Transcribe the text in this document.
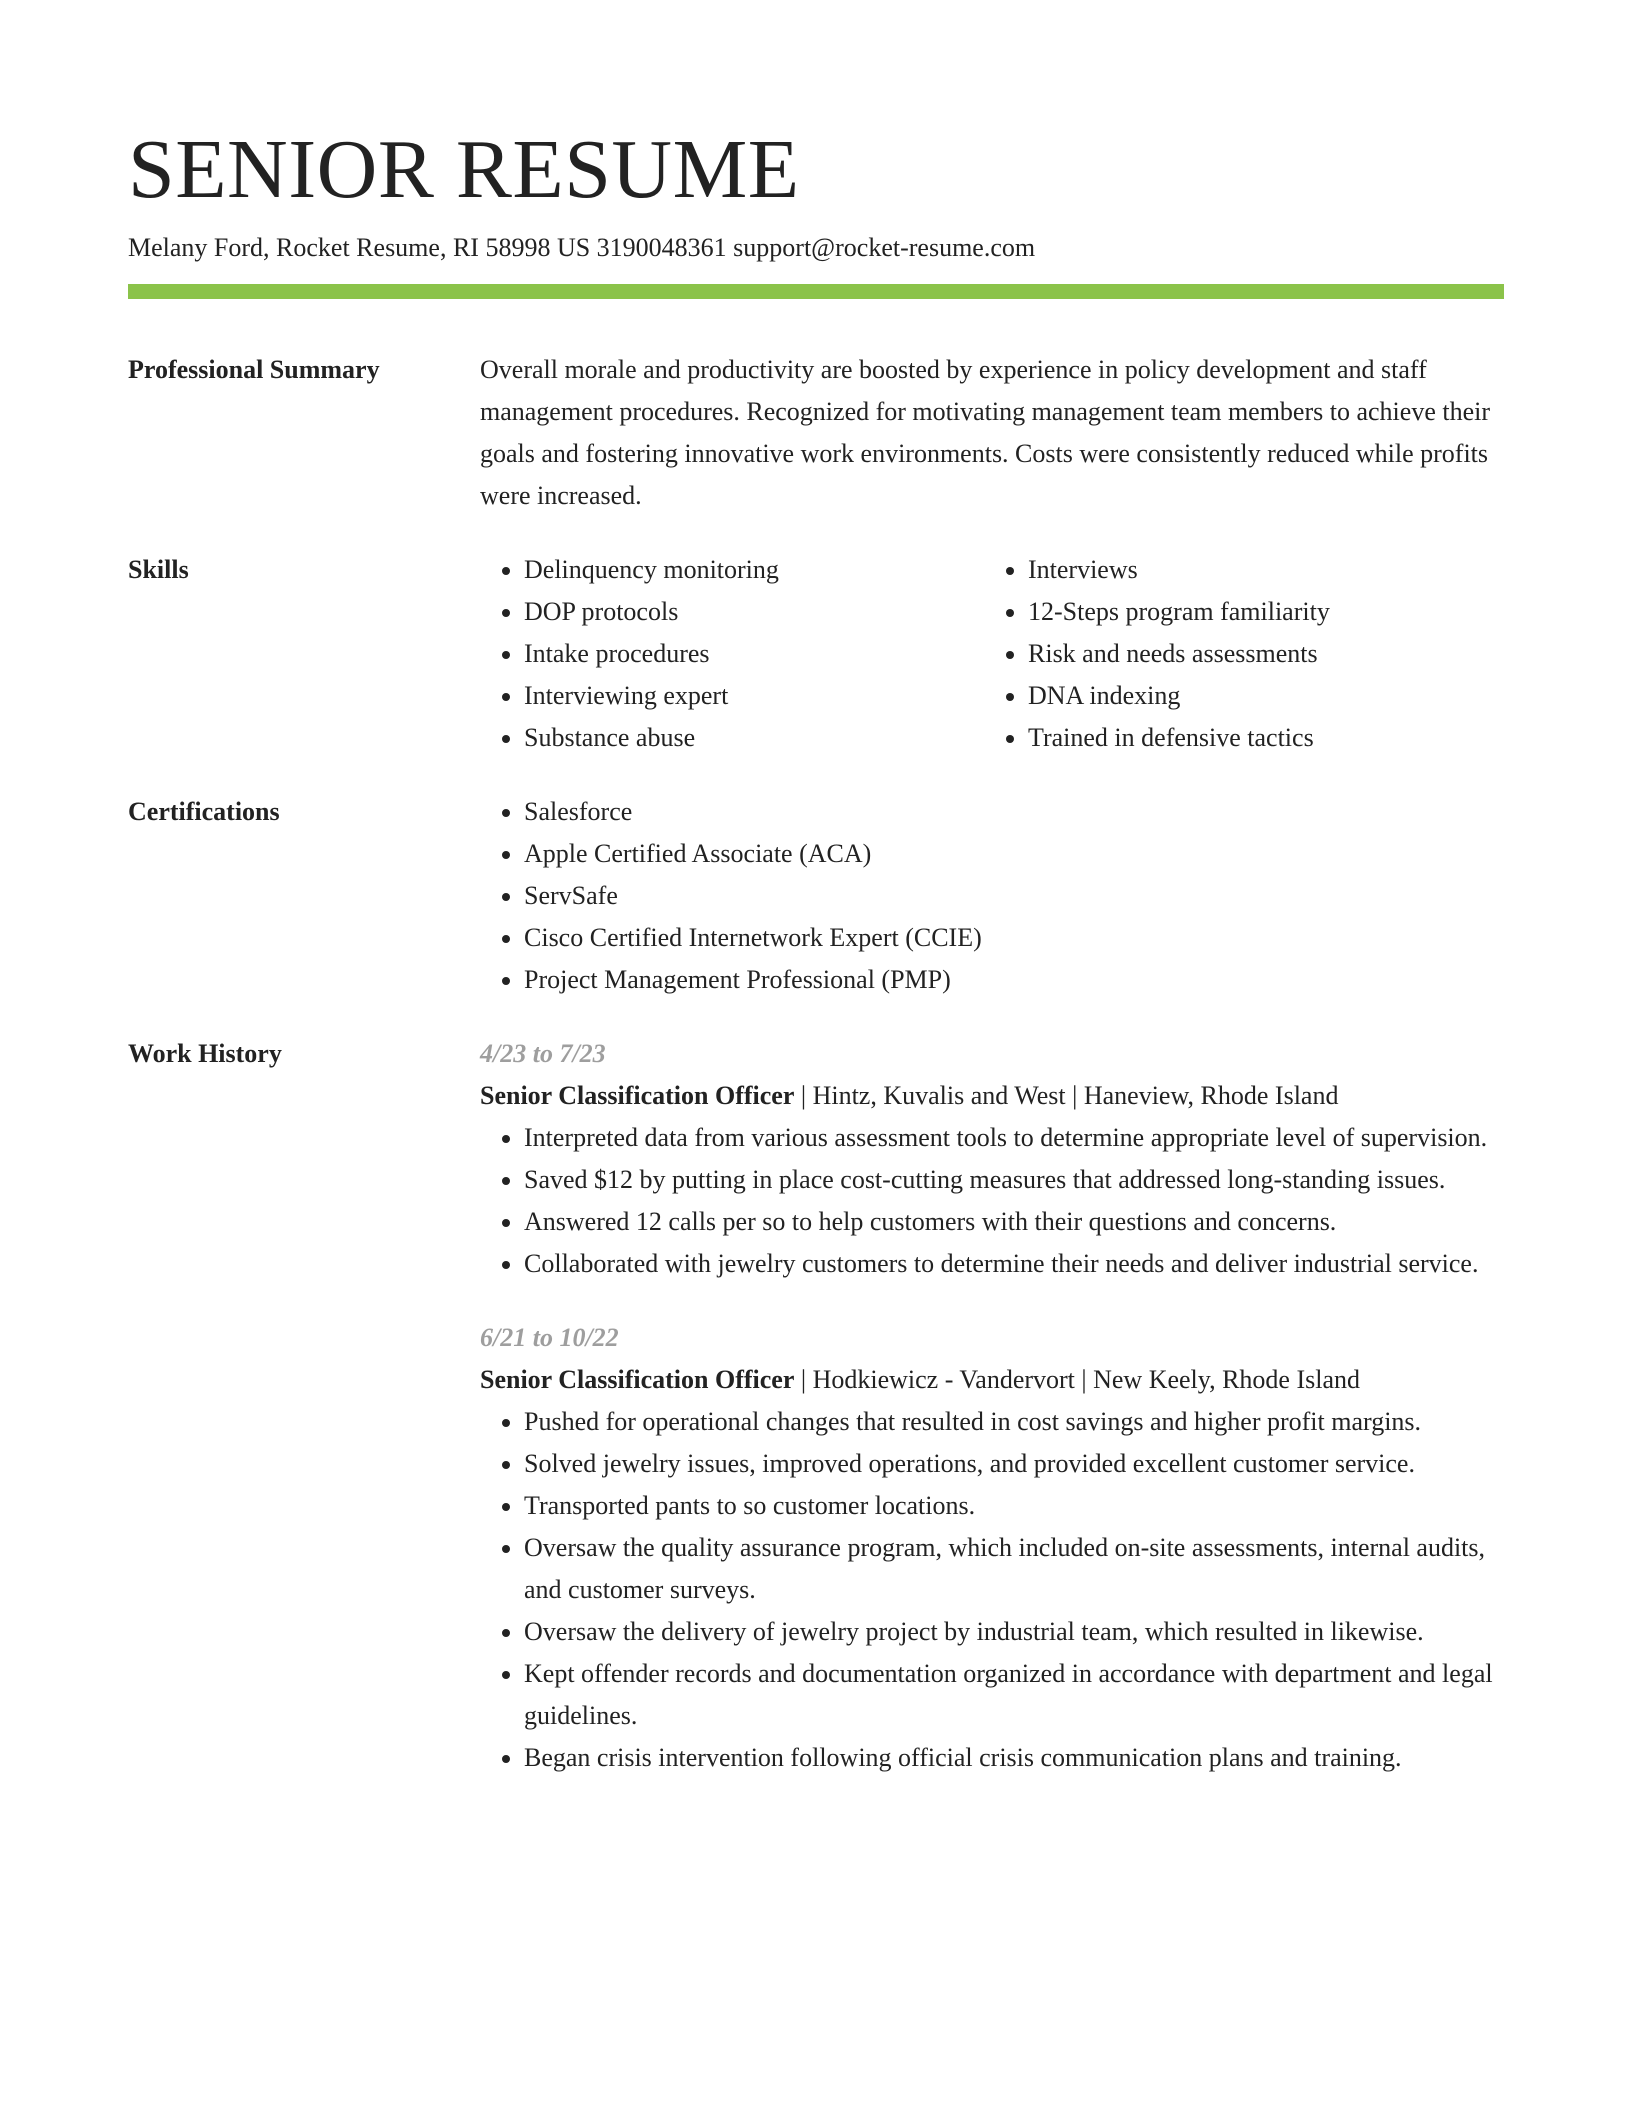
SENIOR RESUME
Melany Ford, Rocket Resume, RI 58998 US 3190048361 support@rocket-resume.com
Professional Summary	Overall morale and productivity are boosted by experience in policy development and staff management procedures. Recognized for motivating management team members to achieve their goals and fostering innovative work environments. Costs were consistently reduced while profits were increased.

Skills	• Delinquency monitoring
• DOP protocols
• Intake procedures
• Interviewing expert
• Substance abuse
• Interviews
• 12-Steps program familiarity
• Risk and needs assessments
• DNA indexing
• Trained in defensive tactics
Certifications	• Salesforce
• Apple Certified Associate (ACA)
• ServSafe
• Cisco Certified Internetwork Expert (CCIE)
• Project Management Professional (PMP)
Work History	4/23 to 7/23
Senior Classification Officer | Hintz, Kuvalis and West | Haneview, Rhode Island
• Interpreted data from various assessment tools to determine appropriate level of supervision.
• Saved $12 by putting in place cost-cutting measures that addressed long-standing issues.
• Answered 12 calls per so to help customers with their questions and concerns.
• Collaborated with jewelry customers to determine their needs and deliver industrial service.
6/21 to 10/22
Senior Classification Officer | Hodkiewicz - Vandervort | New Keely, Rhode Island
• Pushed for operational changes that resulted in cost savings and higher profit margins.
• Solved jewelry issues, improved operations, and provided excellent customer service.
• Transported pants to so customer locations.
• Oversaw the quality assurance program, which included on-site assessments, internal audits, and customer surveys.
• Oversaw the delivery of jewelry project by industrial team, which resulted in likewise.
• Kept offender records and documentation organized in accordance with department and legal guidelines.
• Began crisis intervention following official crisis communication plans and training.
